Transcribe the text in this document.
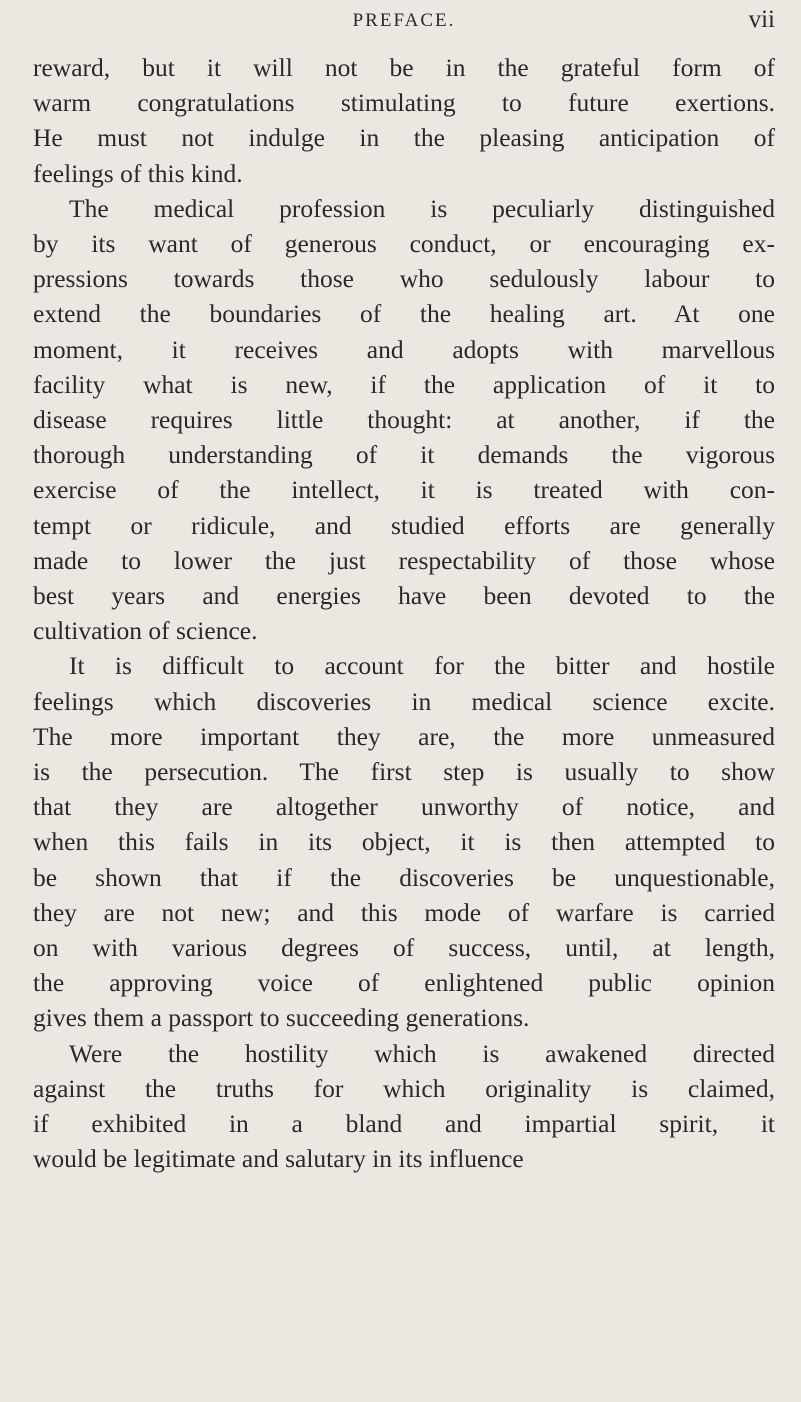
PREFACE.	vii

reward, but it will not be in the grateful form of
warm congratulations stimulating to future exertions.
He must not indulge in the pleasing anticipation of
feelings of this kind.

The medical profession is peculiarly distinguished
by its want of generous conduct, or encouraging ex-
pressions towards those who sedulously labour to
extend the boundaries of the healing art. At one
moment, it receives and adopts with marvellous
facility what is new, if the application of it to
disease requires little thought: at another, if the
thorough understanding of it demands the vigorous
exercise of the intellect, it is treated with con-
tempt or ridicule, and studied efforts are generally
made to lower the just respectability of those whose
best years and energies have been devoted to the
cultivation of science.

It is difficult to account for the bitter and hostile
feelings which discoveries in medical science excite.
The more important they are, the more unmeasured
is the persecution. The first step is usually to show
that they are altogether unworthy of notice, and
when this fails in its object, it is then attempted to
be shown that if the discoveries be unquestionable,
they are not new; and this mode of warfare is carried
on with various degrees of success, until, at length,
the approving voice of enlightened public opinion
gives them a passport to succeeding generations.

Were the hostility which is awakened directed
against the truths for which originality is claimed,
if exhibited in a bland and impartial spirit, it
would be legitimate and salutary in its influence
